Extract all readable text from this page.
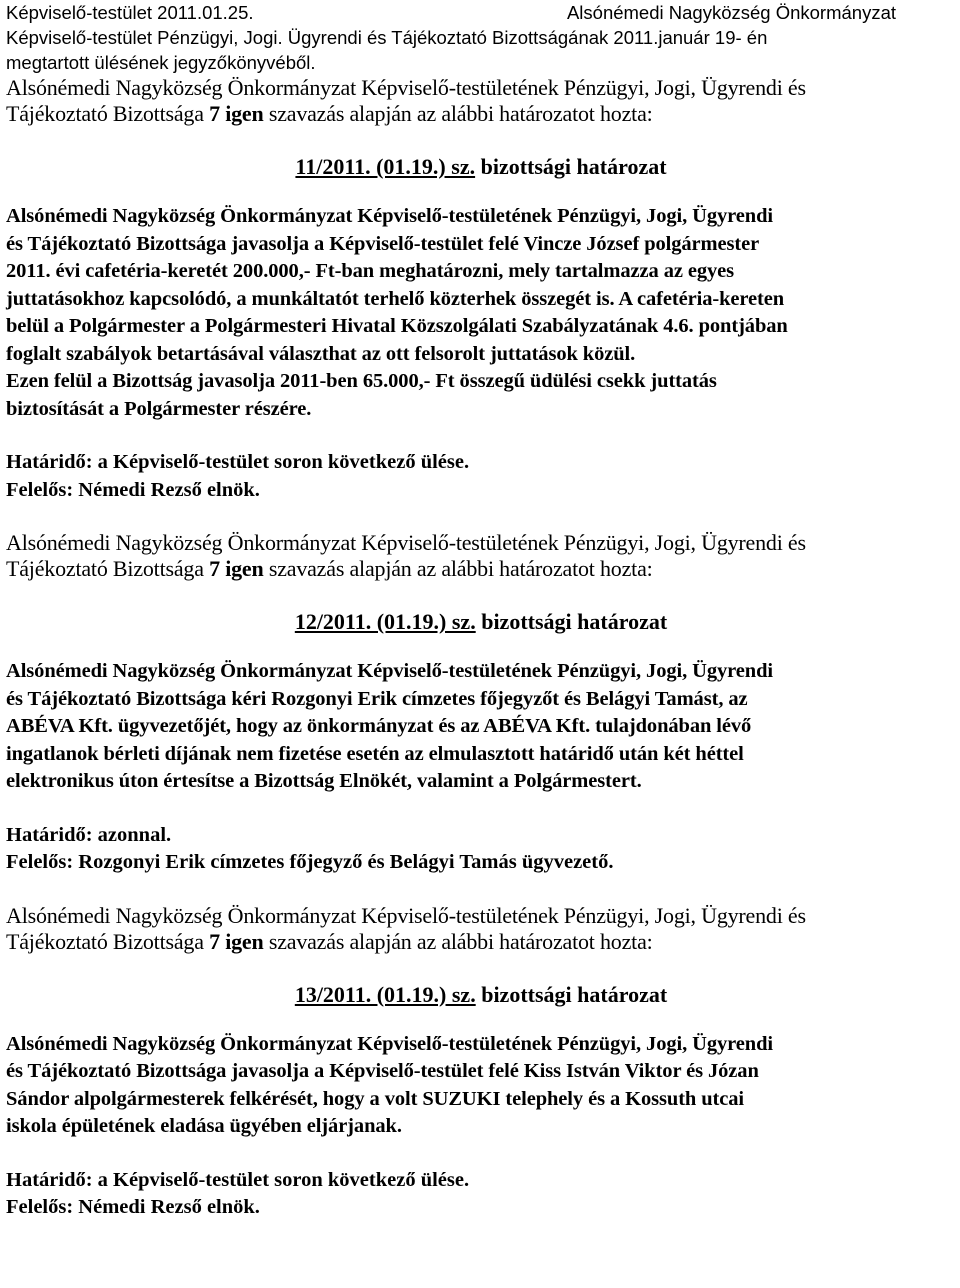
Képviselő-testület 2011.01.25.	Alsónémedi Nagyközség Önkormányzat
Képviselő-testület Pénzügyi, Jogi. Ügyrendi és Tájékoztató Bizottságának 2011.január 19- én
megtartott ülésének jegyzőkönyvéből.
Alsónémedi Nagyközség Önkormányzat Képviselő-testületének Pénzügyi, Jogi, Ügyrendi és
Tájékoztató Bizottsága 7 igen szavazás alapján az alábbi határozatot hozta:
11/2011. (01.19.) sz. bizottsági határozat
Alsónémedi Nagyközség Önkormányzat Képviselő-testületének Pénzügyi, Jogi, Ügyrendi
és Tájékoztató Bizottsága javasolja a Képviselő-testület felé Vincze József polgármester
2011. évi cafetéria-keretét 200.000,- Ft-ban meghatározni, mely tartalmazza az egyes
juttatásokhoz kapcsolódó, a munkáltatót terhelő közterhek összegét is. A cafetéria-kereten
belül a Polgármester a Polgármesteri Hivatal Közszolgálati Szabályzatának 4.6. pontjában
foglalt szabályok betartásával választhat az ott felsorolt juttatások közül.
Ezen felül a Bizottság javasolja 2011-ben 65.000,- Ft összegű üdülési csekk juttatás
biztosítását a Polgármester részére.
Határidő: a Képviselő-testület soron következő ülése.
Felelős: Némedi Rezső elnök.
Alsónémedi Nagyközség Önkormányzat Képviselő-testületének Pénzügyi, Jogi, Ügyrendi és
Tájékoztató Bizottsága 7 igen szavazás alapján az alábbi határozatot hozta:
12/2011. (01.19.) sz. bizottsági határozat
Alsónémedi Nagyközség Önkormányzat Képviselő-testületének Pénzügyi, Jogi, Ügyrendi
és Tájékoztató Bizottsága kéri Rozgonyi Erik címzetes főjegyzőt és Belágyi Tamást, az
ABÉVA Kft. ügyvezetőjét, hogy az önkormányzat és az ABÉVA Kft. tulajdonában lévő
ingatlanok bérleti díjának nem fizetése esetén az elmulasztott határidő után két héttel
elektronikus úton értesítse a Bizottság Elnökét, valamint a Polgármestert.
Határidő: azonnal.
Felelős: Rozgonyi Erik címzetes főjegyző és Belágyi Tamás ügyvezető.
Alsónémedi Nagyközség Önkormányzat Képviselő-testületének Pénzügyi, Jogi, Ügyrendi és
Tájékoztató Bizottsága 7 igen szavazás alapján az alábbi határozatot hozta:
13/2011. (01.19.) sz. bizottsági határozat
Alsónémedi Nagyközség Önkormányzat Képviselő-testületének Pénzügyi, Jogi, Ügyrendi
és Tájékoztató Bizottsága javasolja a Képviselő-testület felé Kiss István Viktor és Józan
Sándor alpolgármesterek felkérését, hogy a volt SUZUKI telephely és a Kossuth utcai
iskola épületének eladása ügyében eljárjanak.
Határidő: a Képviselő-testület soron következő ülése.
Felelős: Némedi Rezső elnök.
